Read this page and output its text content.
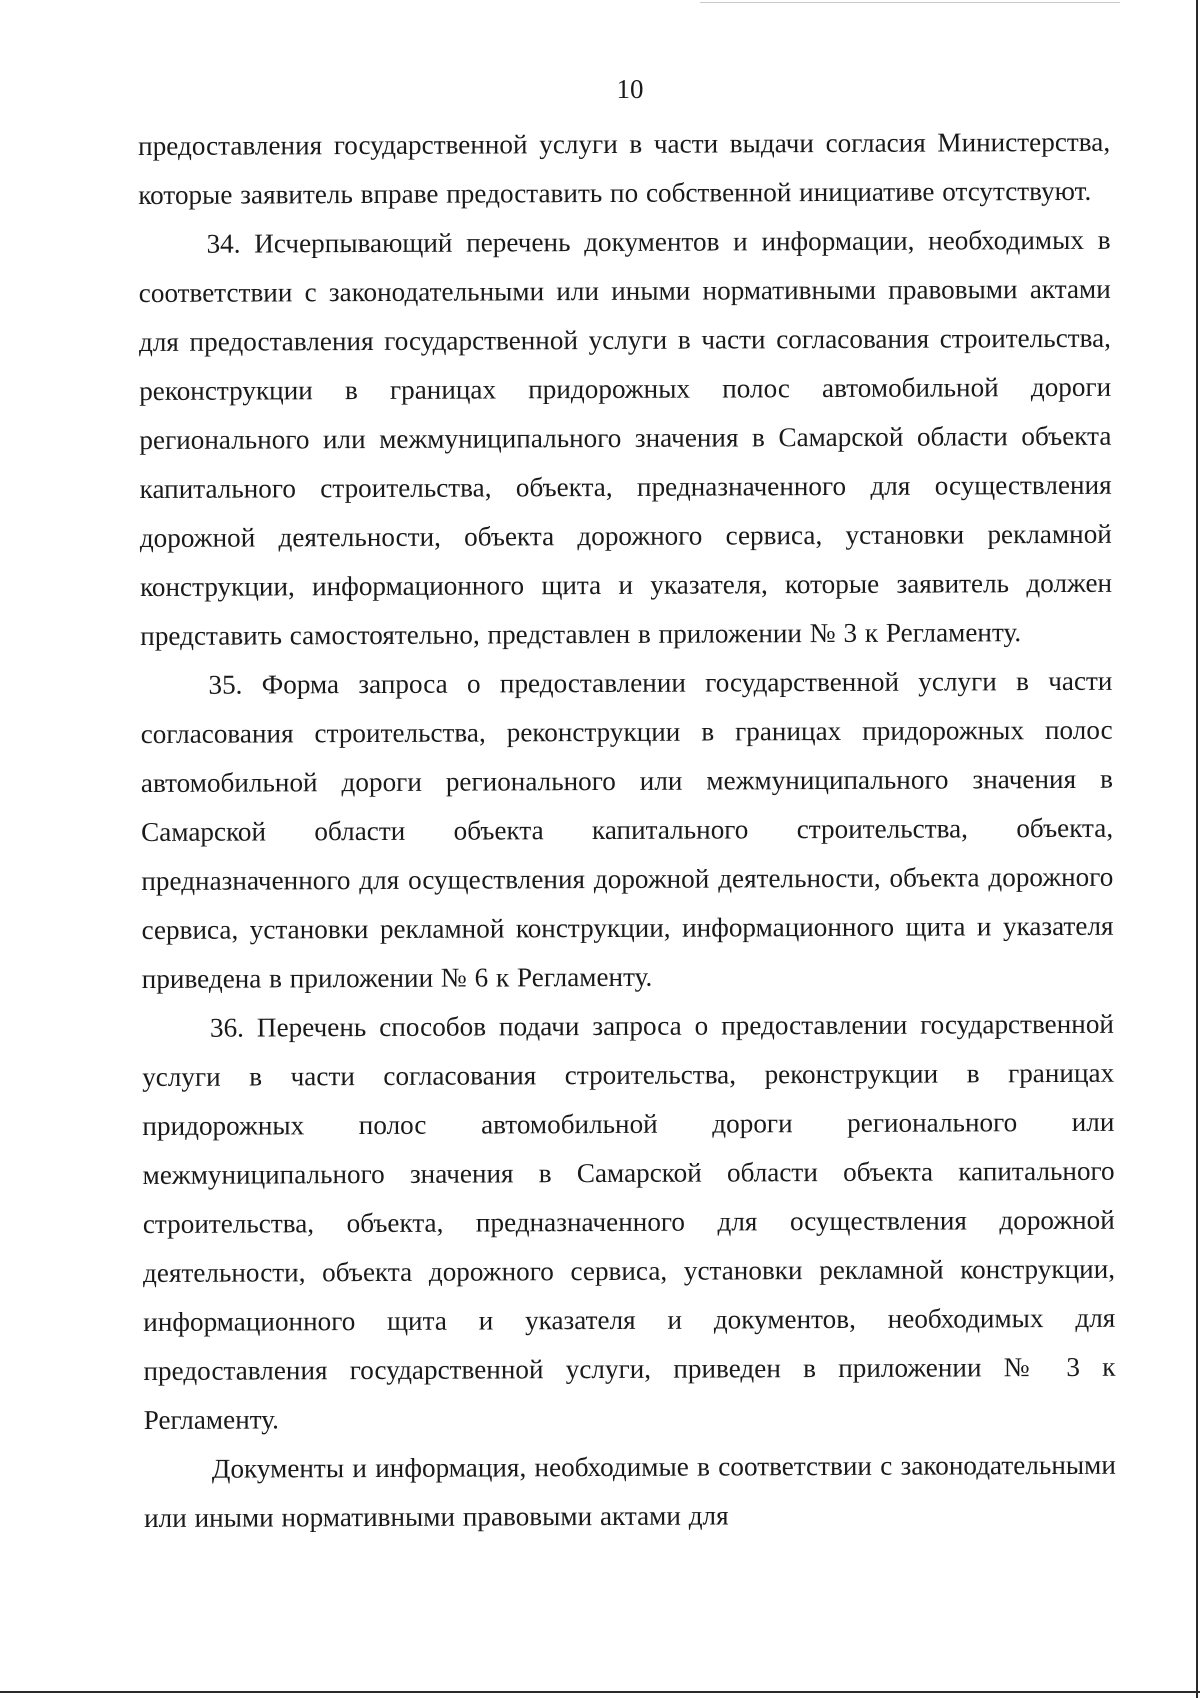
10

предоставления государственной услуги в части выдачи согласия Министерства, которые заявитель вправе предоставить по собственной инициативе отсутствуют.

34. Исчерпывающий перечень документов и информации, необходимых в соответствии с законодательными или иными нормативными правовыми актами для предоставления государственной услуги в части согласования строительства, реконструкции в границах придорожных полос автомобильной дороги регионального или межмуниципального значения в Самарской области объекта капитального строительства, объекта, предназначенного для осуществления дорожной деятельности, объекта дорожного сервиса, установки рекламной конструкции, информационного щита и указателя, которые заявитель должен представить самостоятельно, представлен в приложении № 3 к Регламенту.

35. Форма запроса о предоставлении государственной услуги в части согласования строительства, реконструкции в границах придорожных полос автомобильной дороги регионального или межмуниципального значения в Самарской области объекта капитального строительства, объекта, предназначенного для осуществления дорожной деятельности, объекта дорожного сервиса, установки рекламной конструкции, информационного щита и указателя приведена в приложении № 6 к Регламенту.

36. Перечень способов подачи запроса о предоставлении государственной услуги в части согласования строительства, реконструкции в границах придорожных полос автомобильной дороги регионального или межмуниципального значения в Самарской области объекта капитального строительства, объекта, предназначенного для осуществления дорожной деятельности, объекта дорожного сервиса, установки рекламной конструкции, информационного щита и указателя и документов, необходимых для предоставления государственной услуги, приведен в приложении № 3 к Регламенту.

Документы и информация, необходимые в соответствии с законодательными или иными нормативными правовыми актами для
